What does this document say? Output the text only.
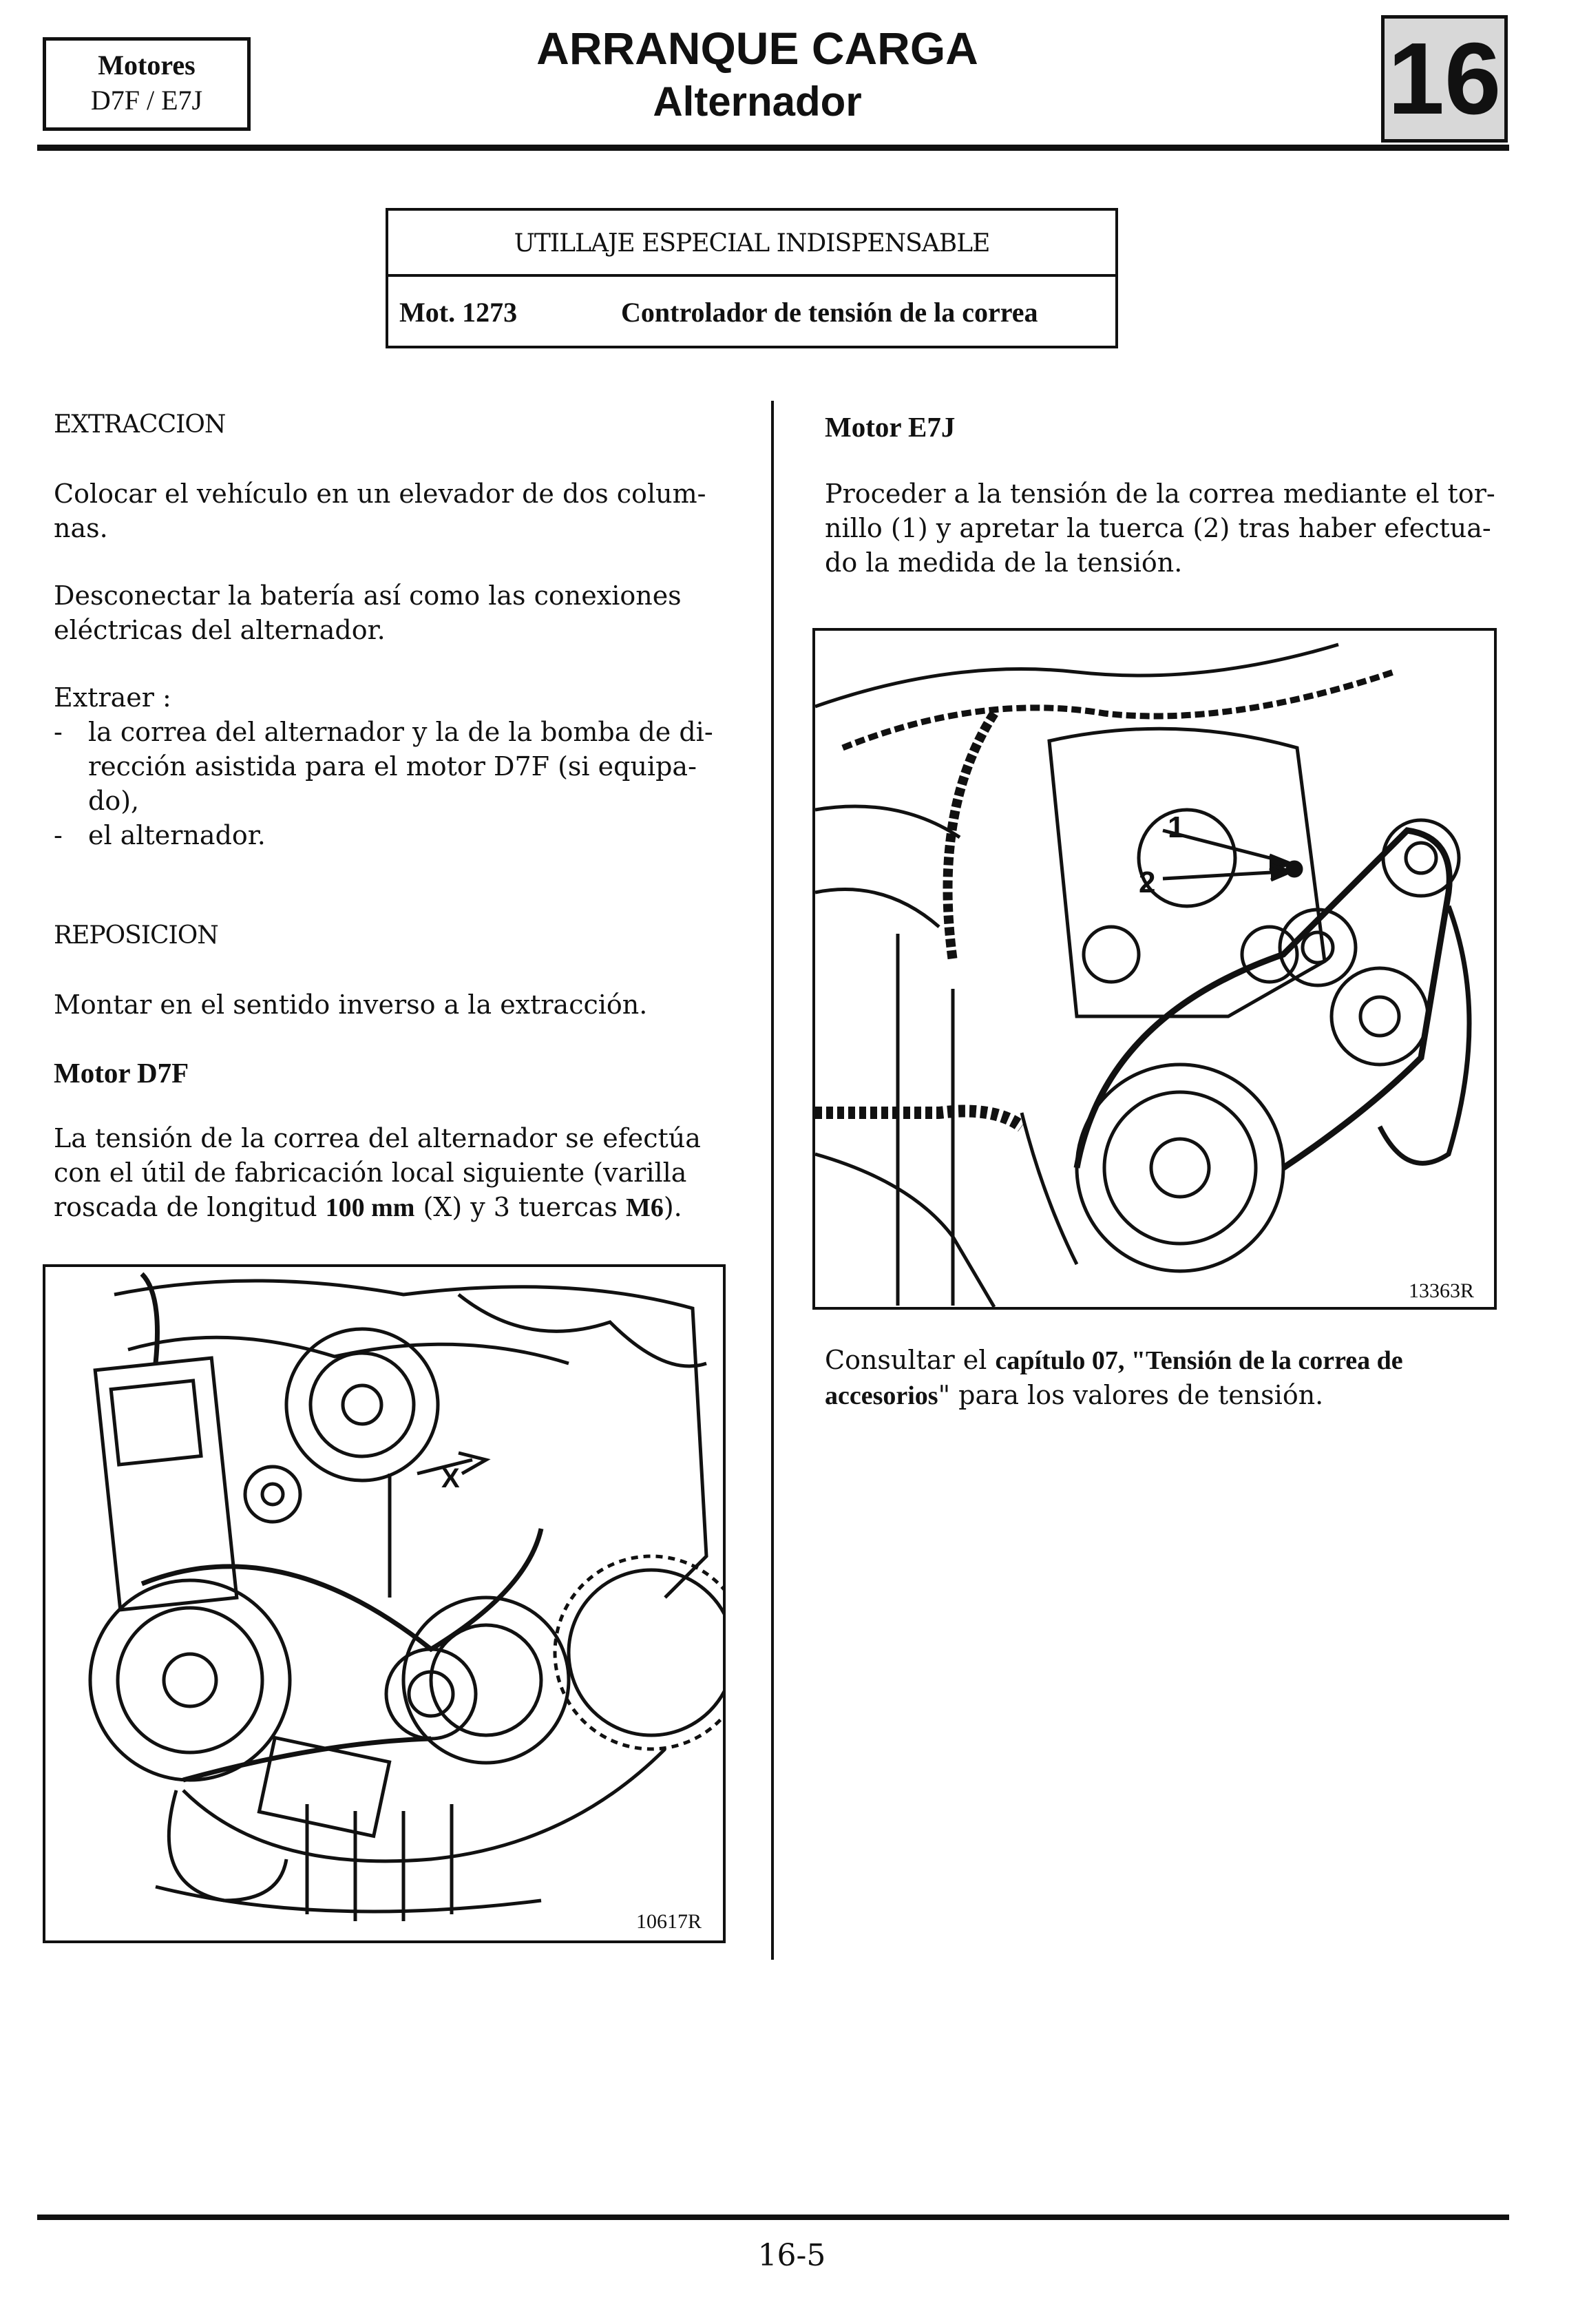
Motores
D7F / E7J
ARRANQUE CARGA
Alternador	16
UTILLAJE ESPECIAL INDISPENSABLE
Mot. 1273	Controlador de tensión de la correa
EXTRACCION
Colocar el vehículo en un elevador de dos colum-
nas.
Desconectar la batería así como las conexiones
eléctricas del alternador.
Extraer :
- la correa del alternador y la de la bomba de di-
rección asistida para el motor D7F (si equipa-
do),
- el alternador.
REPOSICION
Montar en el sentido inverso a la extracción.
Motor D7F
La tensión de la correa del alternador se efectúa
con el útil de fabricación local siguiente (varilla
roscada de longitud 100 mm (X) y 3 tuercas M6).
X
10617R
Motor E7J
Proceder a la tensión de la correa mediante el tor-
nillo (1) y apretar la tuerca (2) tras haber efectua-
do la medida de la tensión.
1
2
13363R
Consultar el capítulo 07, "Tensión de la correa de
accesorios" para los valores de tensión.
16-5
